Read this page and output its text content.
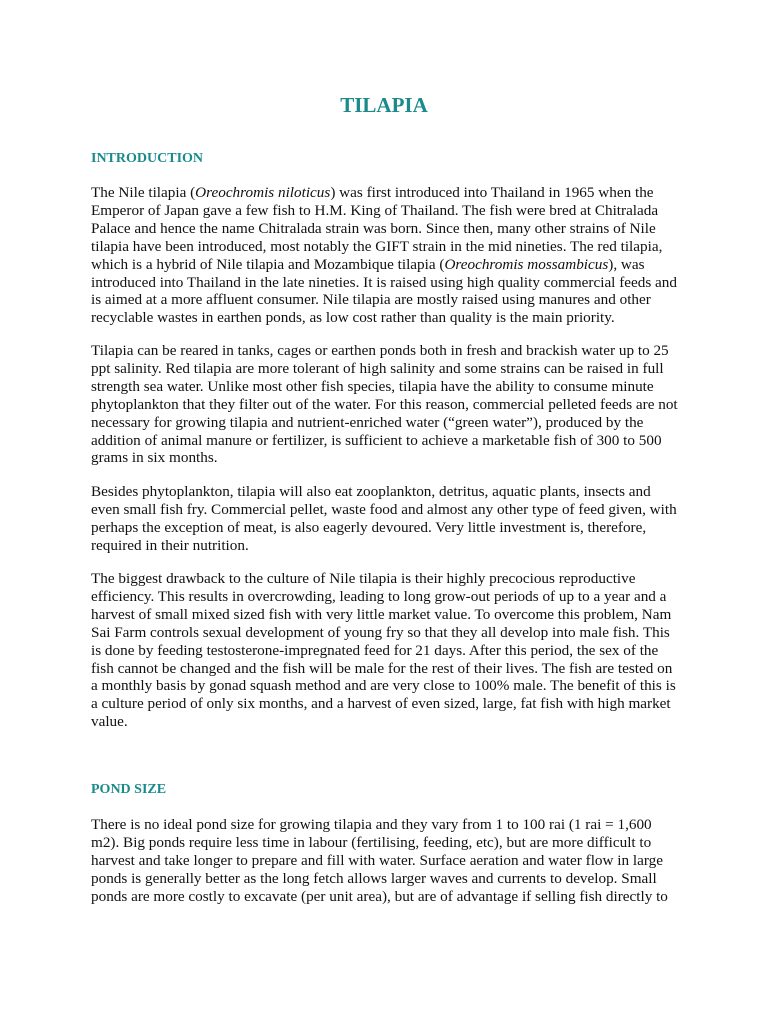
TILAPIA
INTRODUCTION

The Nile tilapia (Oreochromis niloticus) was first introduced into Thailand in 1965 when the
Emperor of Japan gave a few fish to H.M. King of Thailand. The fish were bred at Chitralada
Palace and hence the name Chitralada strain was born. Since then, many other strains of Nile
tilapia have been introduced, most notably the GIFT strain in the mid nineties. The red tilapia,
which is a hybrid of Nile tilapia and Mozambique tilapia (Oreochromis mossambicus), was
introduced into Thailand in the late nineties. It is raised using high quality commercial feeds and
is aimed at a more affluent consumer. Nile tilapia are mostly raised using manures and other
recyclable wastes in earthen ponds, as low cost rather than quality is the main priority.

Tilapia can be reared in tanks, cages or earthen ponds both in fresh and brackish water up to 25
ppt salinity. Red tilapia are more tolerant of high salinity and some strains can be raised in full
strength sea water. Unlike most other fish species, tilapia have the ability to consume minute
phytoplankton that they filter out of the water. For this reason, commercial pelleted feeds are not
necessary for growing tilapia and nutrient-enriched water (“green water”), produced by the
addition of animal manure or fertilizer, is sufficient to achieve a marketable fish of 300 to 500
grams in six months.

Besides phytoplankton, tilapia will also eat zooplankton, detritus, aquatic plants, insects and
even small fish fry. Commercial pellet, waste food and almost any other type of feed given, with
perhaps the exception of meat, is also eagerly devoured. Very little investment is, therefore,
required in their nutrition.

The biggest drawback to the culture of Nile tilapia is their highly precocious reproductive
efficiency. This results in overcrowding, leading to long grow-out periods of up to a year and a
harvest of small mixed sized fish with very little market value. To overcome this problem, Nam
Sai Farm controls sexual development of young fry so that they all develop into male fish. This
is done by feeding testosterone-impregnated feed for 21 days. After this period, the sex of the
fish cannot be changed and the fish will be male for the rest of their lives. The fish are tested on
a monthly basis by gonad squash method and are very close to 100% male. The benefit of this is
a culture period of only six months, and a harvest of even sized, large, fat fish with high market
value.

POND SIZE

There is no ideal pond size for growing tilapia and they vary from 1 to 100 rai (1 rai = 1,600
m2). Big ponds require less time in labour (fertilising, feeding, etc), but are more difficult to
harvest and take longer to prepare and fill with water. Surface aeration and water flow in large
ponds is generally better as the long fetch allows larger waves and currents to develop. Small
ponds are more costly to excavate (per unit area), but are of advantage if selling fish directly to
